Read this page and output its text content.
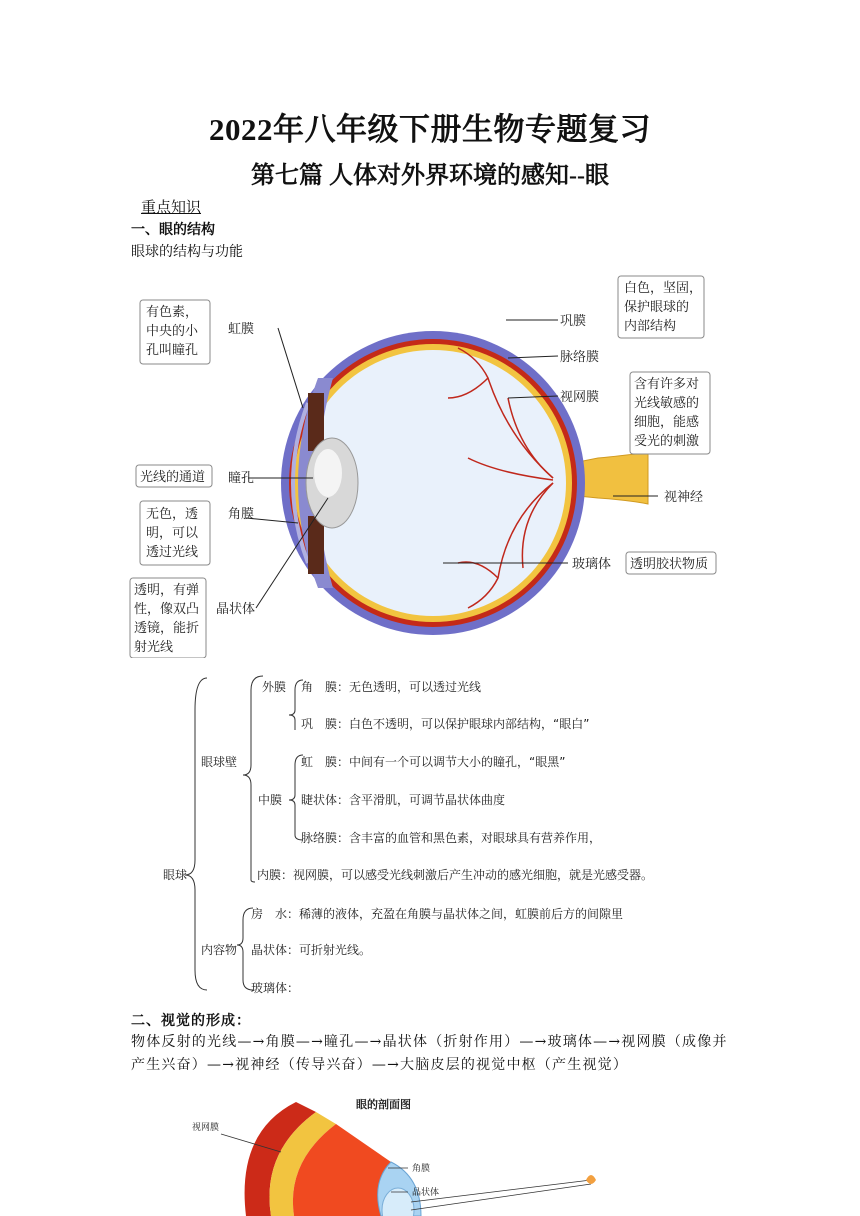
2022年八年级下册生物专题复习
第七篇 人体对外界环境的感知--眼
重点知识
一、眼的结构
眼球的结构与功能
有色素，
中央的小
孔叫瞳孔
虹膜
光线的通道 瞳孔
无色，透
明，可以
透过光线
角膜
透明，有弹
性，像双凸
透镜，能折
射光线
晶状体
巩膜
白色，坚固，
保护眼球的
内部结构
脉络膜
视网膜
含有许多对
光线敏感的
细胞，能感
受光的刺激
视神经
玻璃体 透明胶状物质
眼球
眼球壁
外膜 角　膜：无色透明，可以透过光线
巩　膜：白色不透明，可以保护眼球内部结构，“眼白”
中膜
虹　膜：中间有一个可以调节大小的瞳孔，“眼黑”
睫状体：含平滑肌，可调节晶状体曲度
脉络膜：含丰富的血管和黑色素，对眼球具有营养作用，
内膜：视网膜，可以感受光线刺激后产生冲动的感光细胞，就是光感受器。
内容物
房　水：稀薄的液体，充盈在角膜与晶状体之间，虹膜前后方的间隙里
晶状体：可折射光线。
玻璃体：
二、视觉的形成：
物体反射的光线—→角膜—→瞳孔—→晶状体（折射作用）—→玻璃体—→视网膜（成像并产生兴奋）—→视神经（传导兴奋）—→大脑皮层的视觉中枢（产生视觉）
眼的剖面图
视网膜
角膜
晶状体
